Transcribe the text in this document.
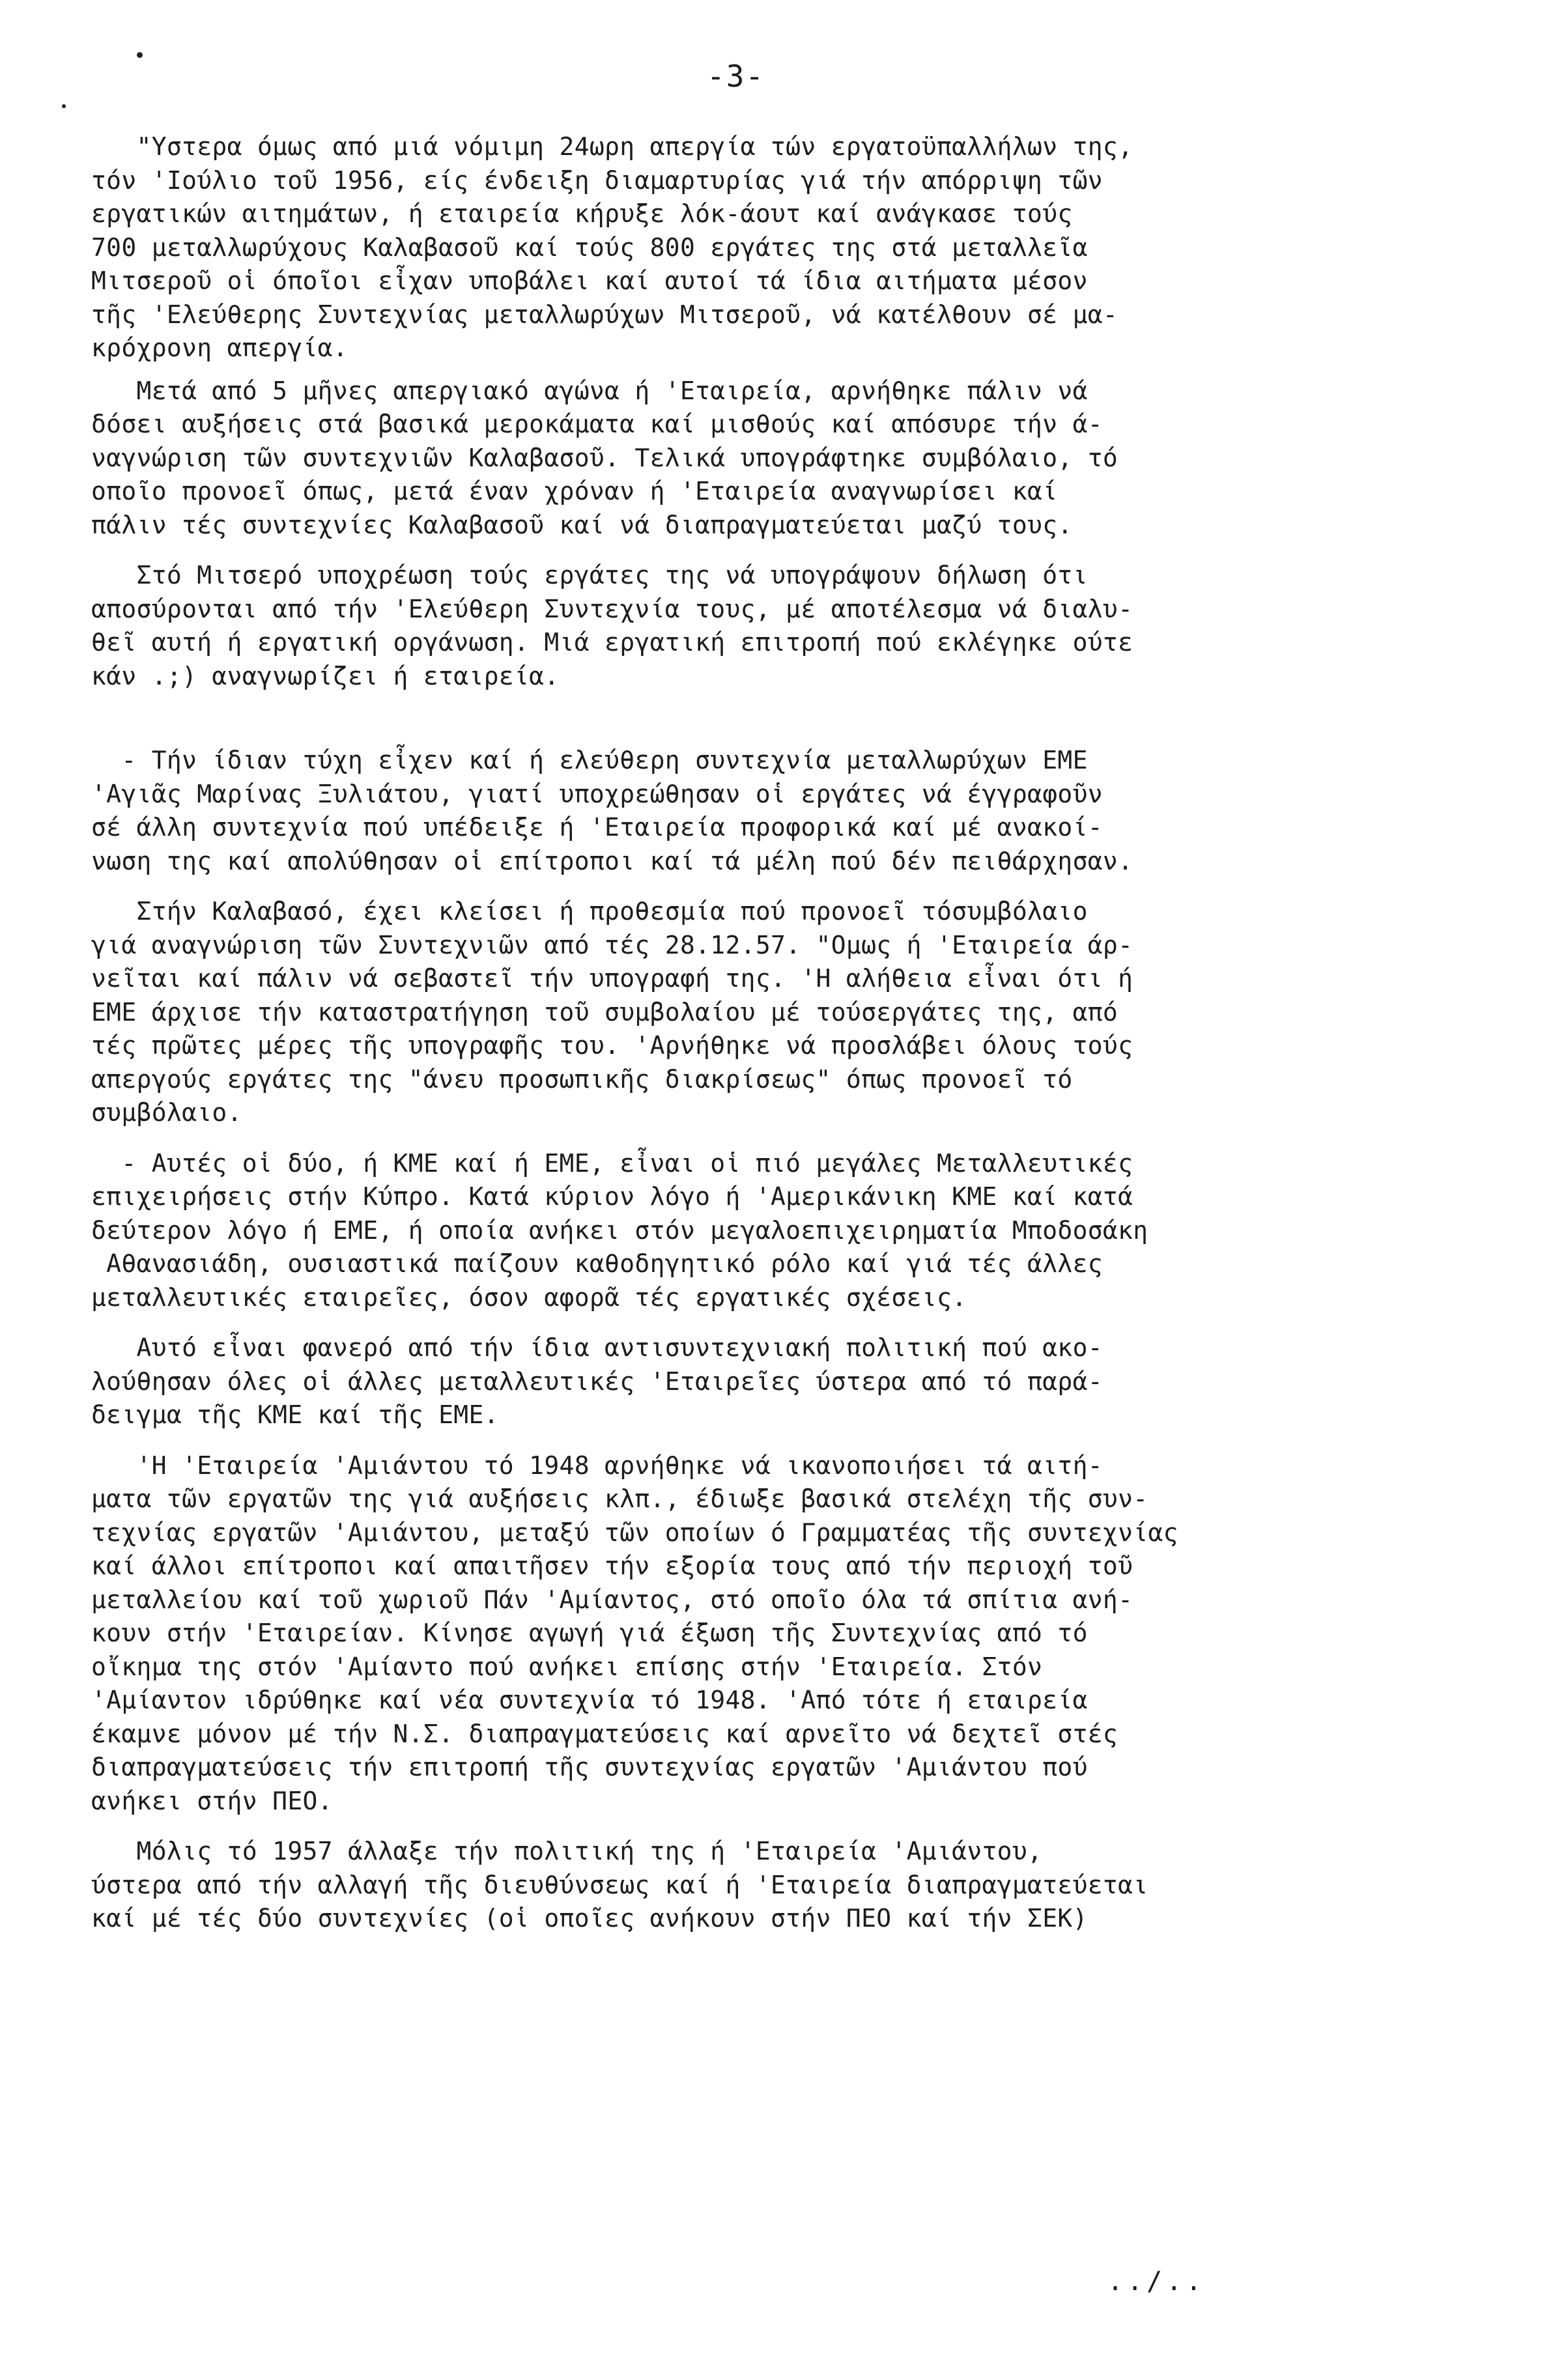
-3-
"Υστερα όμως από μιά νόμιμη 24ωρη απεργία τών εργατοϋπαλλήλων της,
τόν 'Ιούλιο τοῦ 1956, είς ένδειξη διαμαρτυρίας γιά τήν απόρριψη τῶν
εργατικών αιτημάτων, ή εταιρεία κήρυξε λόκ-άουτ καί ανάγκασε τούς
700 μεταλλωρύχους Καλαβασοῦ καί τούς 800 εργάτες της στά μεταλλεῖα
Μιτσεροῦ οἱ όποῖοι εἶχαν υποβάλει καί αυτοί τά ίδια αιτήματα μέσον
τῆς 'Ελεύθερης Συντεχνίας μεταλλωρύχων Μιτσεροῦ, νά κατέλθουν σέ μα-
κρόχρονη απεργία.
Μετά από 5 μῆνες απεργιακό αγώνα ή 'Εταιρεία, αρνήθηκε πάλιν νά
δόσει αυξήσεις στά βασικά μεροκάματα καί μισθούς καί απόσυρε τήν ά-
ναγνώριση τῶν συντεχνιῶν Καλαβασοῦ. Τελικά υπογράφτηκε συμβόλαιο, τό
οποῖο προνοεῖ όπως, μετά έναν χρόναν ή 'Εταιρεία αναγνωρίσει καί
πάλιν τές συντεχνίες Καλαβασοῦ καί νά διαπραγματεύεται μαζύ τους.
Στό Μιτσερό υποχρέωση τούς εργάτες της νά υπογράψουν δήλωση ότι
αποσύρονται από τήν 'Ελεύθερη Συντεχνία τους, μέ αποτέλεσμα νά διαλυ-
θεῖ αυτή ή εργατική οργάνωση. Μιά εργατική επιτροπή πού εκλέγηκε ούτε
κάν .;) αναγνωρίζει ή εταιρεία.
- Τήν ίδιαν τύχη εἶχεν καί ή ελεύθερη συντεχνία μεταλλωρύχων ΕΜΕ
'Αγιᾶς Μαρίνας Ξυλιάτου, γιατί υποχρεώθησαν οἱ εργάτες νά έγγραφοῦν
σέ άλλη συντεχνία πού υπέδειξε ή 'Εταιρεία προφορικά καί μέ ανακοί-
νωση της καί απολύθησαν οἱ επίτροποι καί τά μέλη πού δέν πειθάρχησαν.
Στήν Καλαβασό, έχει κλείσει ή προθεσμία πού προνοεῖ τόσυμβόλαιο
γιά αναγνώριση τῶν Συντεχνιῶν από τές 28.12.57. "Ομως ή 'Εταιρεία άρ-
νεῖται καί πάλιν νά σεβαστεῖ τήν υπογραφή της. 'Η αλήθεια εἶναι ότι ή
ΕΜΕ άρχισε τήν καταστρατήγηση τοῦ συμβολαίου μέ τούσεργάτες της, από
τές πρῶτες μέρες τῆς υπογραφῆς του. 'Αρνήθηκε νά προσλάβει όλους τούς
απεργούς εργάτες της "άνευ προσωπικῆς διακρίσεως" όπως προνοεῖ τό
συμβόλαιο.
- Αυτές οἱ δύο, ή ΚΜΕ καί ή ΕΜΕ, εἶναι οἱ πιό μεγάλες Μεταλλευτικές
επιχειρήσεις στήν Κύπρο. Κατά κύριον λόγο ή 'Αμερικάνικη ΚΜΕ καί κατά
δεύτερον λόγο ή ΕΜΕ, ή οποία ανήκει στόν μεγαλοεπιχειρηματία Μποδοσάκη
Αθανασιάδη, ουσιαστικά παίζουν καθοδηγητικό ρόλο καί γιά τές άλλες
μεταλλευτικές εταιρεῖες, όσον αφορᾶ τές εργατικές σχέσεις.
Αυτό εἶναι φανερό από τήν ίδια αντισυντεχνιακή πολιτική πού ακο-
λούθησαν όλες οἱ άλλες μεταλλευτικές 'Εταιρεῖες ύστερα από τό παρά-
δειγμα τῆς ΚΜΕ καί τῆς ΕΜΕ.
'Η 'Εταιρεία 'Αμιάντου τό 1948 αρνήθηκε νά ικανοποιήσει τά αιτή-
ματα τῶν εργατῶν της γιά αυξήσεις κλπ., έδιωξε βασικά στελέχη τῆς συν-
τεχνίας εργατῶν 'Αμιάντου, μεταξύ τῶν οποίων ό Γραμματέας τῆς συντεχνίας
καί άλλοι επίτροποι καί απαιτῆσεν τήν εξορία τους από τήν περιοχή τοῦ
μεταλλείου καί τοῦ χωριοῦ Πάν 'Αμίαντος, στό οποῖο όλα τά σπίτια ανή-
κουν στήν 'Εταιρείαν. Κίνησε αγωγή γιά έξωση τῆς Συντεχνίας από τό
οἴκημα της στόν 'Αμίαντο πού ανήκει επίσης στήν 'Εταιρεία. Στόν
'Αμίαντον ιδρύθηκε καί νέα συντεχνία τό 1948. 'Από τότε ή εταιρεία
έκαμνε μόνον μέ τήν Ν.Σ. διαπραγματεύσεις καί αρνεῖτο νά δεχτεῖ στές
διαπραγματεύσεις τήν επιτροπή τῆς συντεχνίας εργατῶν 'Αμιάντου πού
ανήκει στήν ΠΕΟ.
Μόλις τό 1957 άλλαξε τήν πολιτική της ή 'Εταιρεία 'Αμιάντου,
ύστερα από τήν αλλαγή τῆς διευθύνσεως καί ή 'Εταιρεία διαπραγματεύεται
καί μέ τές δύο συντεχνίες (οἱ οποῖες ανήκουν στήν ΠΕΟ καί τήν ΣΕΚ)
../..
